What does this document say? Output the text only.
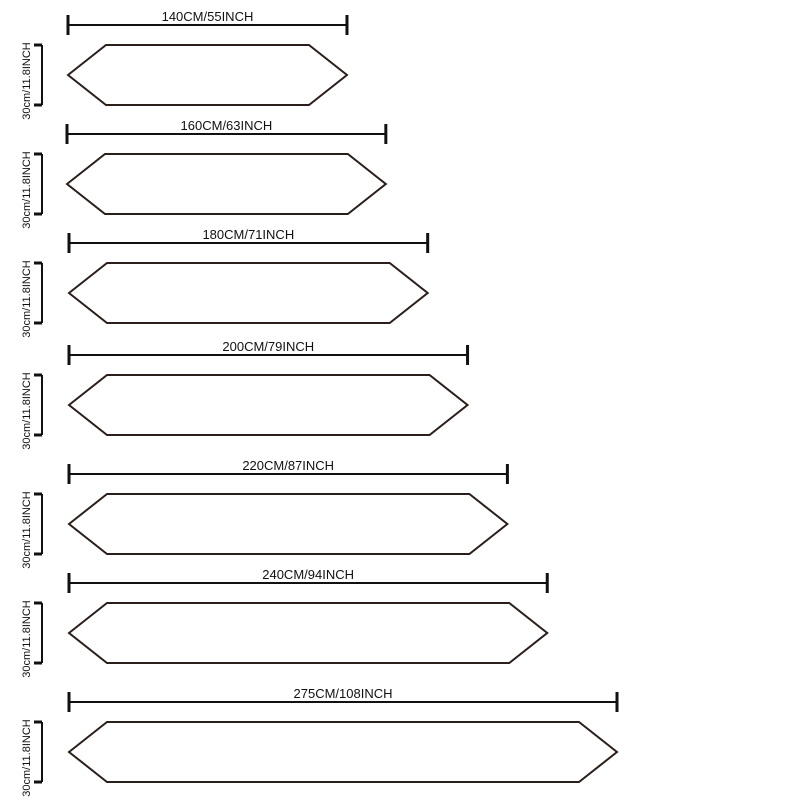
140CM/55INCH
30cm/11.8INCH
160CM/63INCH
30cm/11.8INCH
180CM/71INCH
30cm/11.8INCH
200CM/79INCH
30cm/11.8INCH
220CM/87INCH
30cm/11.8INCH
240CM/94INCH
30cm/11.8INCH
275CM/108INCH
30cm/11.8INCH
